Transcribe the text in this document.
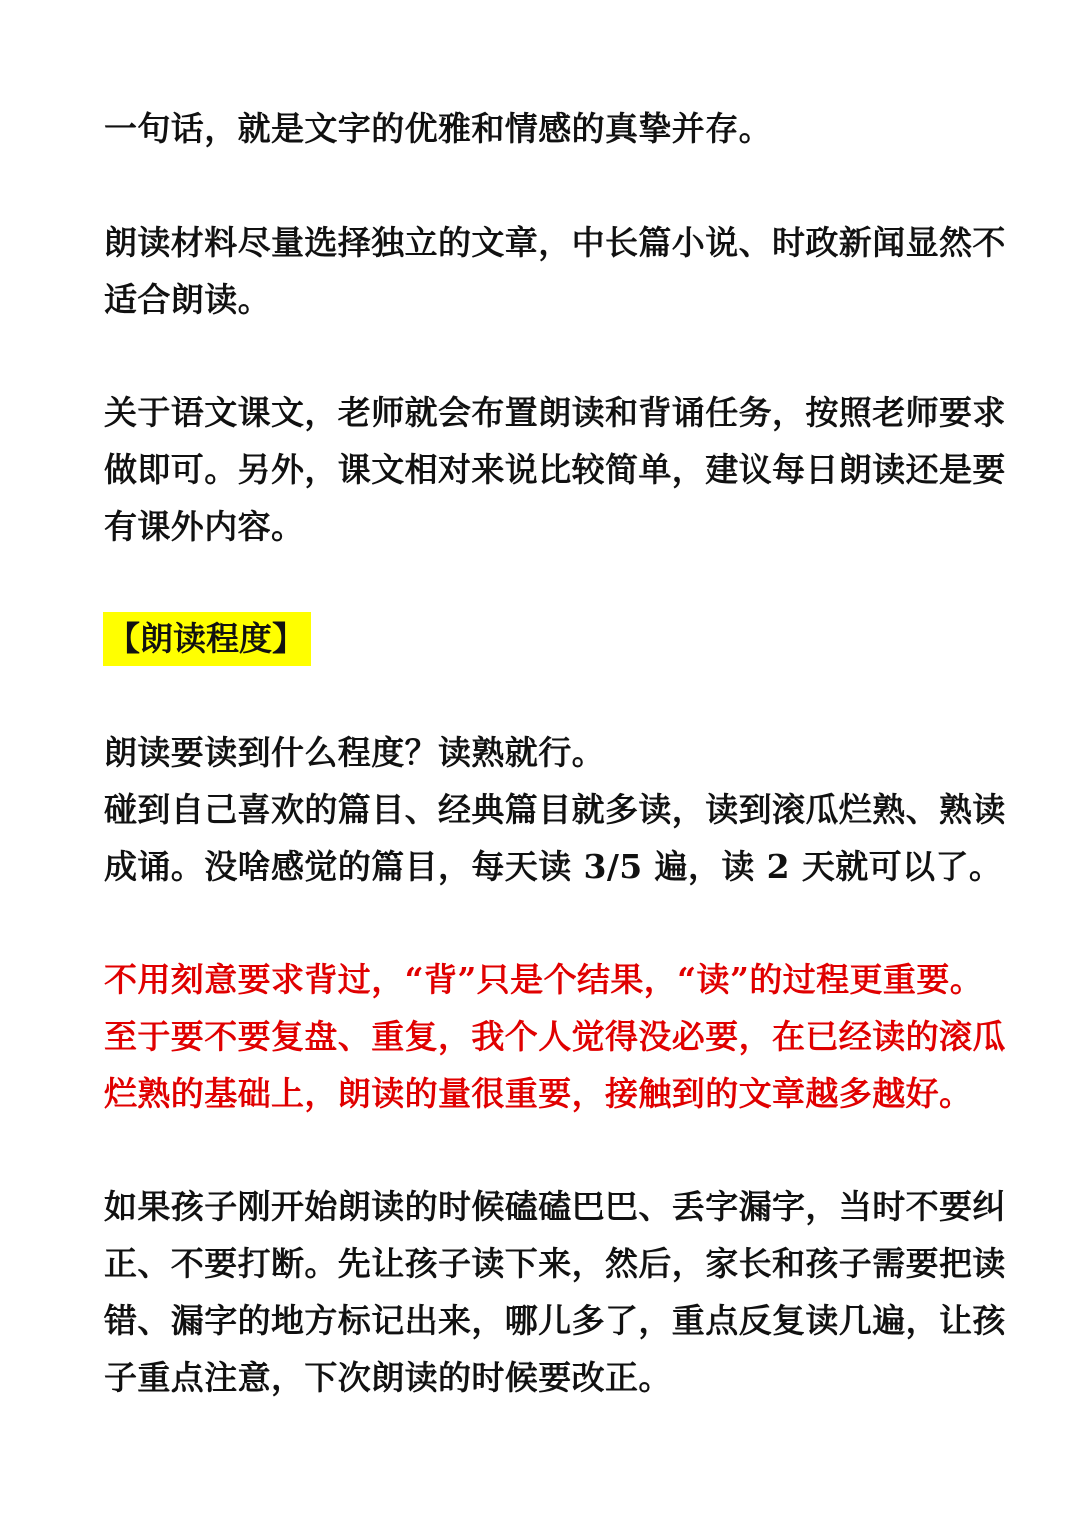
一句话，就是文字的优雅和情感的真挚并存。

朗读材料尽量选择独立的文章，中长篇小说、时政新闻显然不
适合朗读。

关于语文课文，老师就会布置朗读和背诵任务，按照老师要求
做即可。另外，课文相对来说比较简单，建议每日朗读还是要
有课外内容。

【朗读程度】

朗读要读到什么程度？读熟就行。
碰到自己喜欢的篇目、经典篇目就多读，读到滚瓜烂熟、熟读
成诵。没啥感觉的篇目，每天读 3/5 遍，读 2 天就可以了。

不用刻意要求背过，“背”只是个结果，“读”的过程更重要。
至于要不要复盘、重复，我个人觉得没必要，在已经读的滚瓜
烂熟的基础上，朗读的量很重要，接触到的文章越多越好。

如果孩子刚开始朗读的时候磕磕巴巴、丢字漏字，当时不要纠
正、不要打断。先让孩子读下来，然后，家长和孩子需要把读
错、漏字的地方标记出来，哪儿多了，重点反复读几遍，让孩
子重点注意，下次朗读的时候要改正。
